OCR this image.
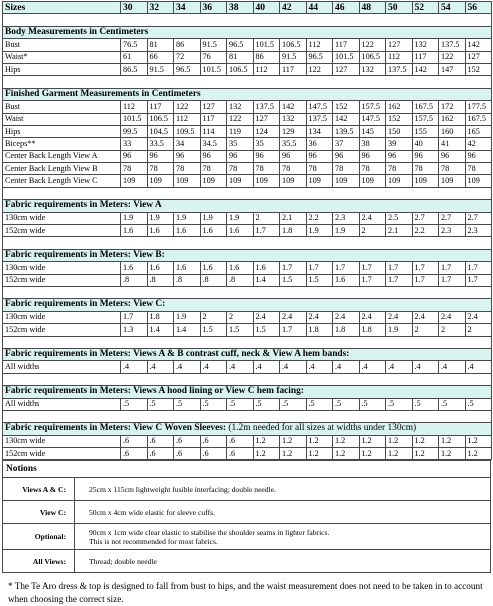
Sizes	30	32	34	36	38	40	42	44	46	48	50	52	54	56

Body Measurements in Centimeters														
Bust	76.5	81	86	91.5	96.5	101.5	106.5	112	117	122	127	132	137.5	142
Waist*	61	66	72	76	81	86	91.5	96.5	101.5	106.5	112	117	122	127
Hips	86.5	91.5	96.5	101.5	106.5	112	117	122	127	132	137.5	142	147	152

Finished Garment Measurements in Centimeters														
Bust	112	117	122	127	132	137.5	142	147.5	152	157.5	162	167.5	172	177.5
Waist	101.5	106.5	112	117	122	127	132	137.5	142	147.5	152	157.5	162	167.5
Hips	99.5	104.5	109.5	114	119	124	129	134	139.5	145	150	155	160	165
Biceps**	33	33.5	34	34.5	35	35	35.5	36	37	38	39	40	41	42
Center Back Length View A	96	96	96	96	96	96	96	96	96	96	96	96	96	96
Center Back Length View B	78	78	78	78	78	78	78	78	78	78	78	78	78	78
Center Back Length View C	109	109	109	109	109	109	109	109	109	109	109	109	109	109

Fabric requirements in Meters: View A														
130cm wide	1.9	1.9	1.9	1.9	1.9	2	2.1	2.2	2.3	2.4	2.5	2.7	2.7	2.7
152cm wide	1.6	1.6	1.6	1.6	1.6	1.7	1.8	1.9	1.9	2	2.1	2.2	2.3	2.3

Fabric requirements in Meters: View B:														
130cm wide	1.6	1.6	1.6	1.6	1.6	1.6	1.7	1.7	1.7	1.7	1.7	1.7	1.7	1.7
152cm wide	.8	.8	.8	.8	.8	1.4	1.5	1.5	1.6	1.7	1.7	1.7	1.7	1.7

Fabric requirements in Meters: View C:														
130cm wide	1.7	1.8	1.9	2	2	2.4	2.4	2.4	2.4	2.4	2.4	2.4	2.4	2.4
152cm wide	1.3	1.4	1.4	1.5	1.5	1.5	1.7	1.8	1.8	1.8	1.9	2	2	2

Fabric requirements in Meters: Views A & B contrast cuff, neck & View A hem bands:														
All widths	.4	.4	.4	.4	.4	.4	.4	.4	.4	.4	.4	.4	.4	.4

Fabric requirements in Meters: Views A hood lining or View C hem facing:														
All widths	.5	.5	.5	.5	.5	.5	.5	.5	.5	.5	.5	.5	.5	.5

Fabric requirements in Meters: View C Woven Sleeves: (1.2m needed for all sizes at widths under 130cm)														
130cm wide	.6	.6	.6	.6	.6	1.2	1.2	1.2	1.2	1.2	1.2	1.2	1.2	1.2
152cm wide	.6	.6	.6	.6	.6	1.2	1.2	1.2	1.2	1.2	1.2	1.2	1.2	1.2
Notions	
Views A & C:	25cm x 115cm lightweight fusible interfacing; double needle.
View C:	50cm x 4cm wide elastic for sleeve cuffs.
Optional:	90cm x 1cm wide clear elastic to stabilise the shoulder seams in lighter fabrics.
This is not recommended for most fabrics.

All Views:	Thread; double needle
* The Te Aro dress & top is designed to fall from bust to hips, and the waist measurement does not need to be taken in to account when choosing the correct size.
